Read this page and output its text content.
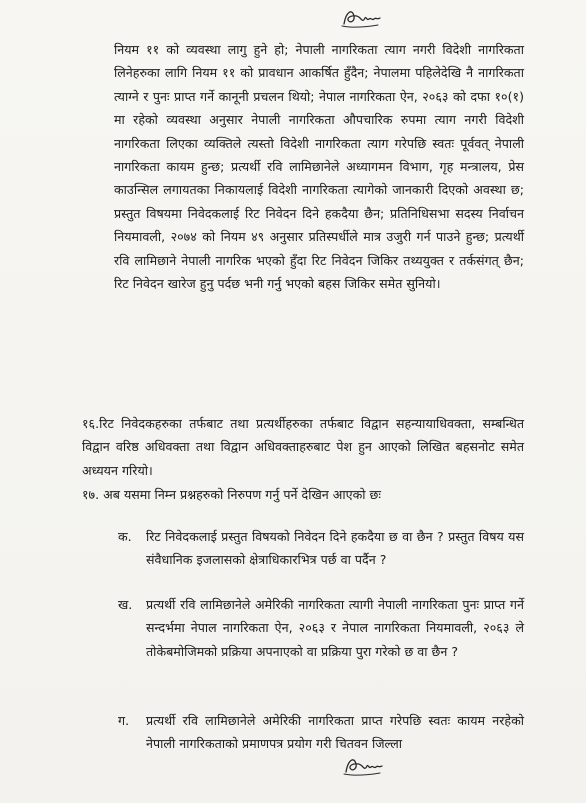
नियम ११ को व्यवस्था लागु हुने हो; नेपाली नागरिकता त्याग नगरी विदेशी नागरिकता लिनेहरुका लागि नियम ११ को प्रावधान आकर्षित हुँदैन; नेपालमा पहिलेदेखि नै नागरिकता त्याग्ने र पुनः प्राप्त गर्ने कानूनी प्रचलन थियो; नेपाल नागरिकता ऐन, २०६३ को दफा १०(१) मा रहेको व्यवस्था अनुसार नेपाली नागरिकता औपचारिक रुपमा त्याग नगरी विदेशी नागरिकता लिएका व्यक्तिले त्यस्तो विदेशी नागरिकता त्याग गरेपछि स्वतः पूर्ववत् नेपाली नागरिकता कायम हुन्छ; प्रत्यर्थी रवि लामिछानेले अध्यागमन विभाग, गृह मन्त्रालय, प्रेस काउन्सिल लगायतका निकायलाई विदेशी नागरिकता त्यागेको जानकारी दिएको अवस्था छ; प्रस्तुत विषयमा निवेदकलाई रिट निवेदन दिने हकदैया छैन; प्रतिनिधिसभा सदस्य निर्वाचन नियमावली, २०७४ को नियम ४९ अनुसार प्रतिस्पर्धीले मात्र उजुरी गर्न पाउने हुन्छ; प्रत्यर्थी रवि लामिछाने नेपाली नागरिक भएको हुँदा रिट निवेदन जिकिर तथ्ययुक्त र तर्कसंगत् छैन; रिट निवेदन खारेज हुनु पर्दछ भनी गर्नु भएको बहस जिकिर समेत सुनियो।
१६.रिट निवेदकहरुका तर्फबाट तथा प्रत्यर्थीहरुका तर्फबाट विद्वान सहन्यायाधिवक्ता, सम्बन्धित विद्वान वरिष्ठ अधिवक्ता तथा विद्वान अधिवक्ताहरुबाट पेश हुन आएको लिखित बहसनोट समेत अध्ययन गरियो।
१७. अब यसमा निम्न प्रश्नहरुको निरुपण गर्नु पर्ने देखिन आएको छः
क.	रिट निवेदकलाई प्रस्तुत विषयको निवेदन दिने हकदैया छ वा छैन ? प्रस्तुत विषय यस संवैधानिक इजलासको क्षेत्राधिकारभित्र पर्छ वा पर्दैन ?
ख.	प्रत्यर्थी रवि लामिछानेले अमेरिकी नागरिकता त्यागी नेपाली नागरिकता पुनः प्राप्त गर्ने सन्दर्भमा नेपाल नागरिकता ऐन, २०६३ र नेपाल नागरिकता नियमावली, २०६३ ले तोकेबमोजिमको प्रक्रिया अपनाएको वा प्रक्रिया पुरा गरेको छ वा छैन ?
ग.	प्रत्यर्थी रवि लामिछानेले अमेरिकी नागरिकता प्राप्त गरेपछि स्वतः कायम नरहेको नेपाली नागरिकताको प्रमाणपत्र प्रयोग गरी चितवन जिल्ला
